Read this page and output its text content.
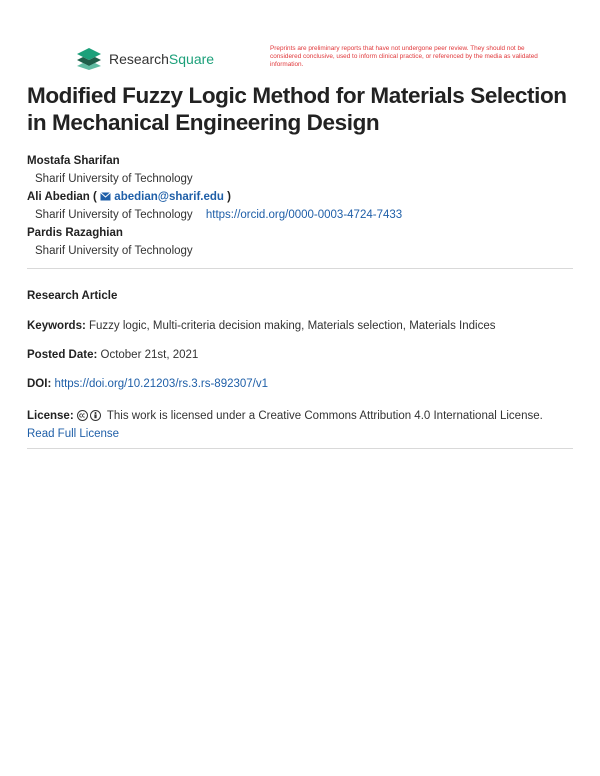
ResearchSquare
Preprints are preliminary reports that have not undergone peer review. They should not be considered conclusive, used to inform clinical practice, or referenced by the media as validated information.
Modified Fuzzy Logic Method for Materials Selection in Mechanical Engineering Design
Mostafa Sharifan
Sharif University of Technology
Ali Abedian ( abedian@sharif.edu )
Sharif University of Technology https://orcid.org/0000-0003-4724-7433
Pardis Razaghian
Sharif University of Technology
Research Article
Keywords: Fuzzy logic, Multi-criteria decision making, Materials selection, Materials Indices
Posted Date: October 21st, 2021
DOI: https://doi.org/10.21203/rs.3.rs-892307/v1
License:	This work is licensed under a Creative Commons Attribution 4.0 International License.
Read Full License
